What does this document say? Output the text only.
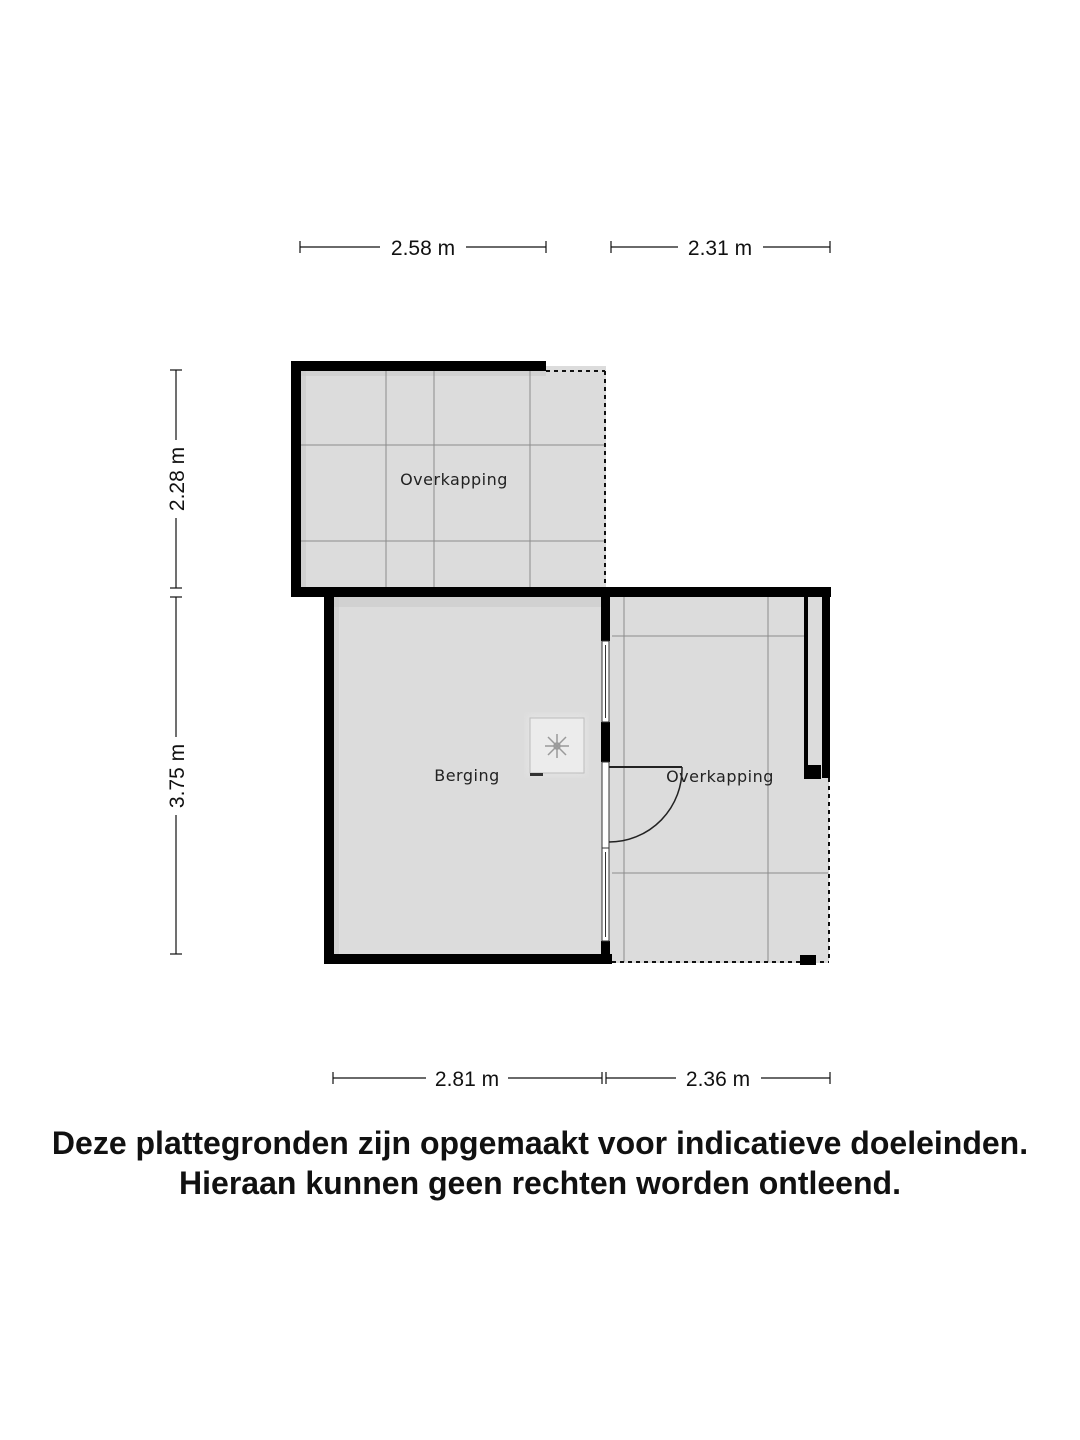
Overkapping
Berging	Overkapping
2.58 m	2.31 m
2.28 m
3.75 m
2.81 m	2.36 m
Deze plattegronden zijn opgemaakt voor indicatieve doeleinden.
Hieraan kunnen geen rechten worden ontleend.
